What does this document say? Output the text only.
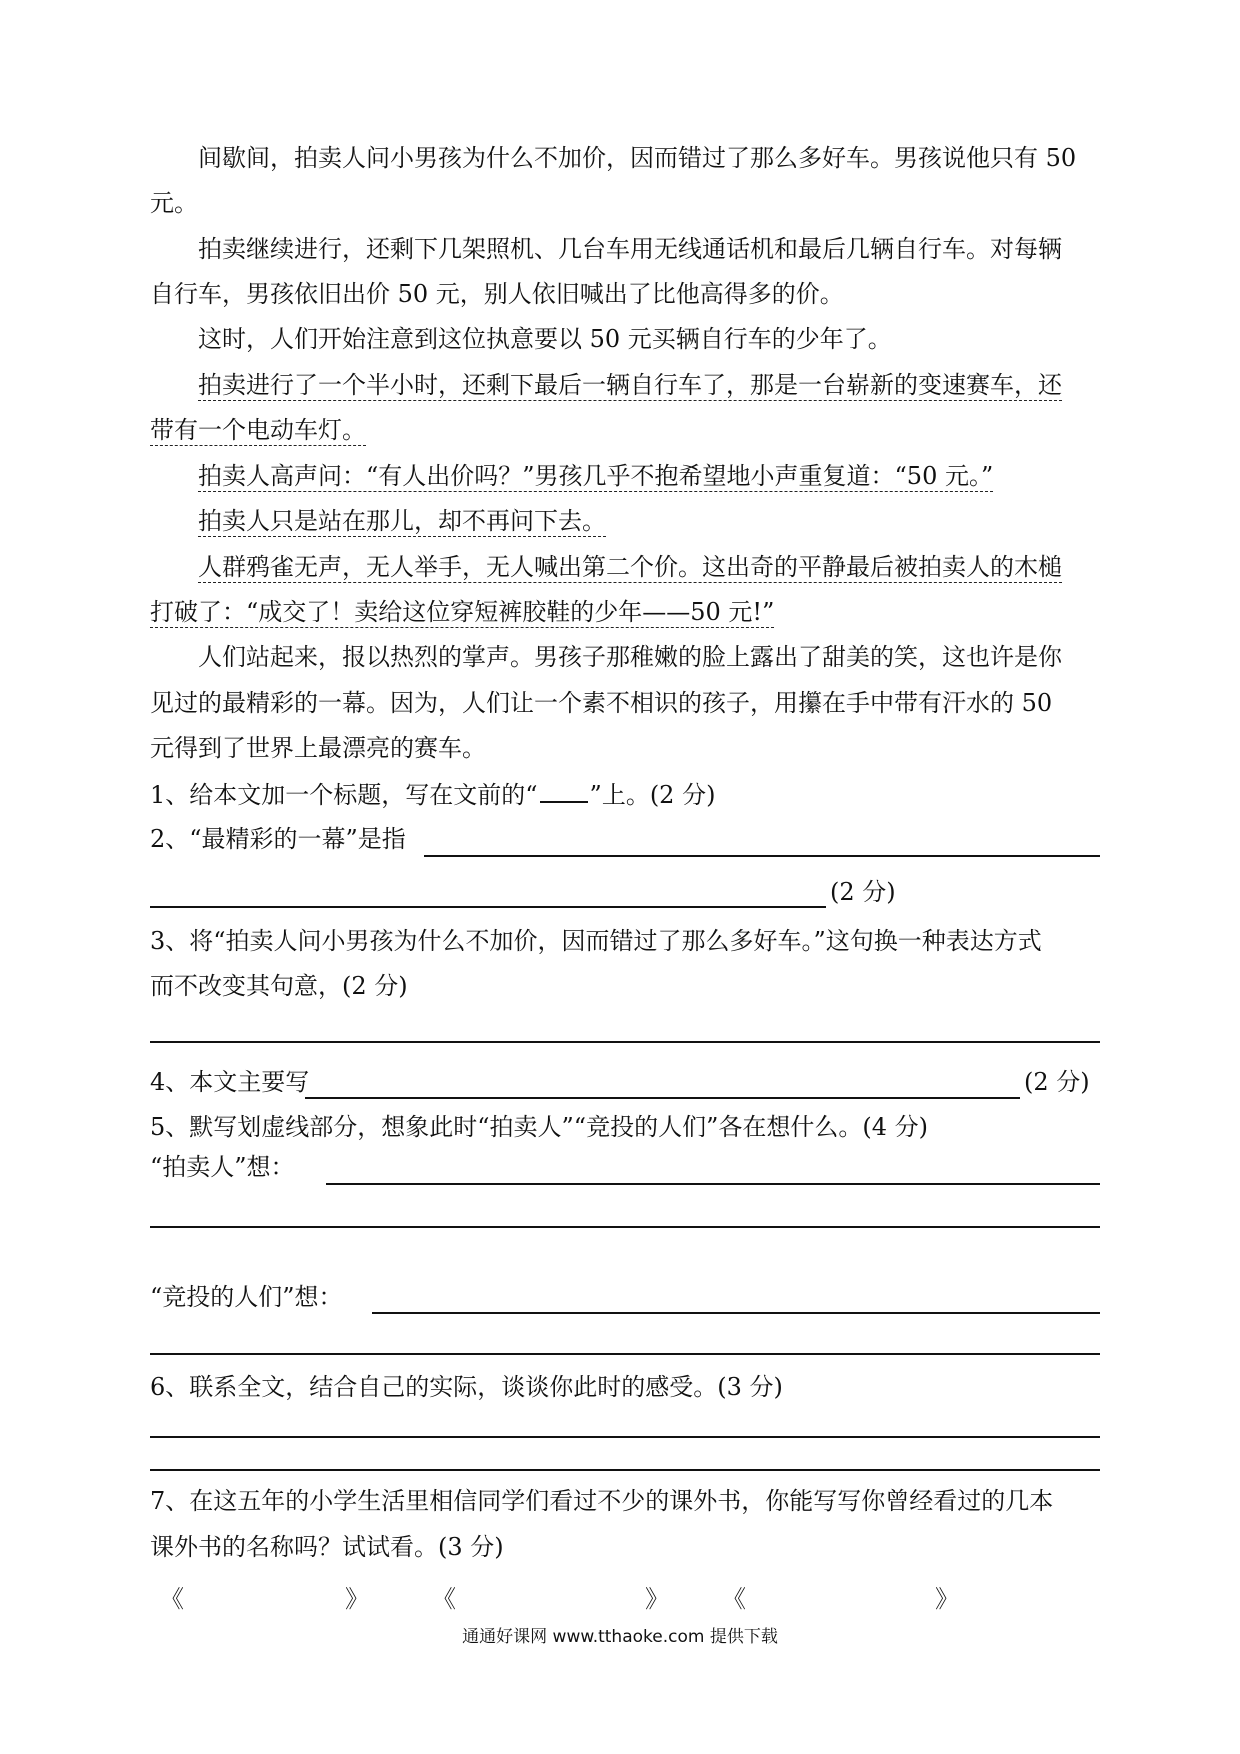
间歇间，拍卖人问小男孩为什么不加价，因而错过了那么多好车。男孩说他只有 50
元。
拍卖继续进行，还剩下几架照机、几台车用无线通话机和最后几辆自行车。对每辆
自行车，男孩依旧出价 50 元，别人依旧喊出了比他高得多的价。
这时，人们开始注意到这位执意要以 50 元买辆自行车的少年了。
拍卖进行了一个半小时，还剩下最后一辆自行车了，那是一台崭新的变速赛车，还
带有一个电动车灯。
拍卖人高声问：“有人出价吗？”男孩几乎不抱希望地小声重复道：“50 元。”
拍卖人只是站在那儿，却不再问下去。
人群鸦雀无声，无人举手，无人喊出第二个价。这出奇的平静最后被拍卖人的木槌
打破了：“成交了！卖给这位穿短裤胶鞋的少年——50 元!”
人们站起来，报以热烈的掌声。男孩子那稚嫩的脸上露出了甜美的笑，这也许是你
见过的最精彩的一幕。因为，人们让一个素不相识的孩子，用攥在手中带有汗水的 50
元得到了世界上最漂亮的赛车。
1、给本文加一个标题，写在文前的“ ”上。(2 分)
2、“最精彩的一幕”是指
(2 分)
3、将“拍卖人问小男孩为什么不加价，因而错过了那么多好车。”这句换一种表达方式
而不改变其句意，(2 分)
4、本文主要写	(2 分)
5、默写划虚线部分，想象此时“拍卖人”“竞投的人们”各在想什么。(4 分)
“拍卖人”想：
“竞投的人们”想：
6、联系全文，结合自己的实际，谈谈你此时的感受。(3 分)
7、在这五年的小学生活里相信同学们看过不少的课外书，你能写写你曾经看过的几本
课外书的名称吗？试试看。(3 分)
《	》	《	》 《	》
通通好课网 www.tthaoke.com 提供下载
